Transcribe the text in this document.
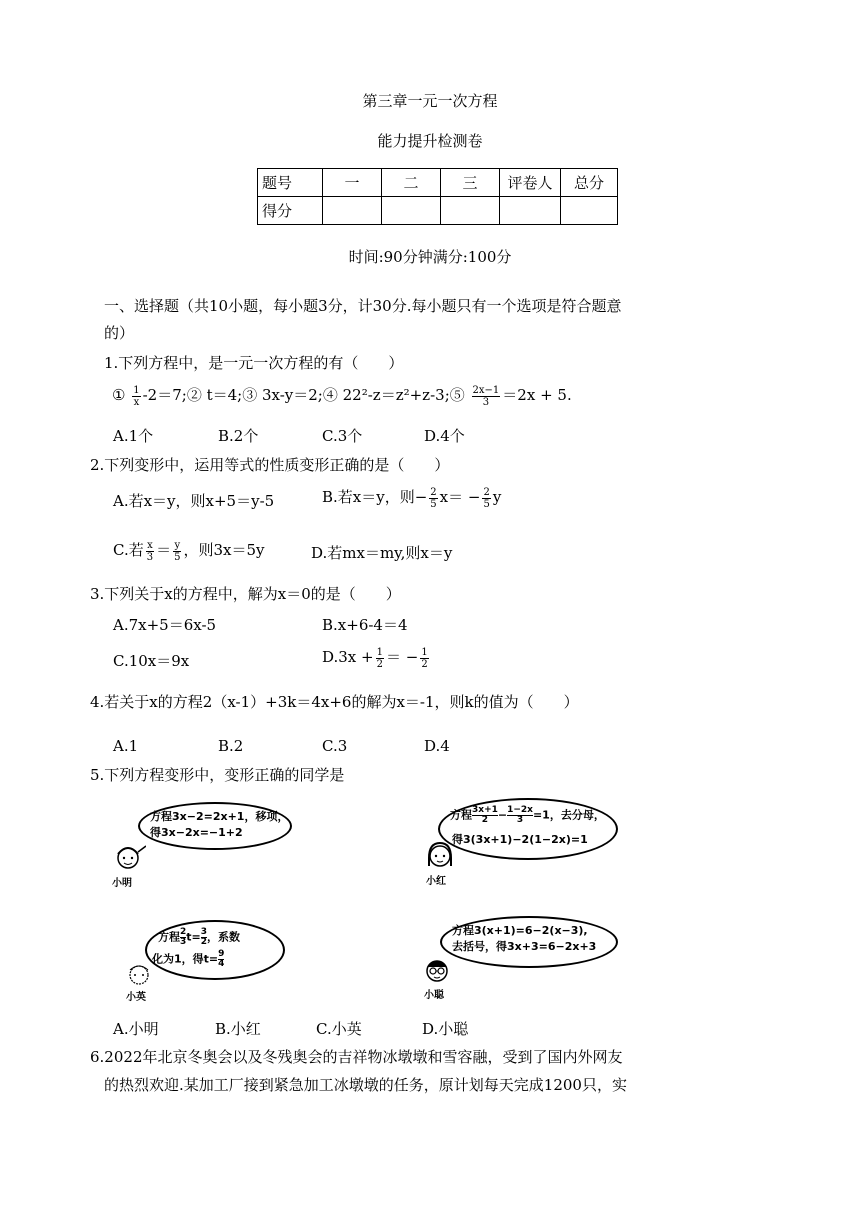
第三章一元一次方程
能力提升检测卷
题号	一	二	三	评卷人	总分
得分					
时间:90分钟满分:100分
一、选择题（共10小题，每小题3分，计30分.每小题只有一个选项是符合题意
的）
1.下列方程中，是一元一次方程的有（　　）
① $\frac{1}{x}$ -2＝7;② t＝4;③ 3x-y＝2;④ 22²-z＝z²+z-3;⑤ $\frac{2x-1}{3} =2x + 5$.
A.1个	B.2个	C.3个	D.4个
2.下列变形中，运用等式的性质变形正确的是（　　）
A.若x＝y，则x+5＝y-5	B.若x＝y，则− $\frac{2}{5} x= - \frac{2}{5}$ y
C.若 $\frac{x}{3} = \frac{y}{5}$ ，则3x＝5y	D.若mx＝my,则x＝y
3.下列关于x的方程中，解为x＝0的是（　　）
A.7x+5＝6x-5	B.x+6-4＝4
C.10x＝9x	$D.3x + \frac{1}{2}$ ＝ − $\frac{1}{2}$
4.若关于x的方程2（x-1）+3k＝4x+6的解为x＝-1，则k的值为（　　）
A.1	B.2	C.3	D.4
5.下列方程变形中，变形正确的同学是
方程3x−2=2x+1，移项，
得3x−2x=−1+2
小明
方程 $\frac{3x+1}{2}- \frac{1-2x}{3}=1$，去分母，
得3(3x+1)−2(1−2x)=1
小红
方程 $\frac{2}{3}t= \frac{3}{2}$，系数
化为1，得$t= \frac{9}{4}$
小英
方程3(x+1)=6−2(x−3),
去括号，得3x+3=6−2x+3
小聪
A.小明	B.小红	C.小英	D.小聪
6.2022年北京冬奥会以及冬残奥会的吉祥物冰墩墩和雪容融，受到了国内外网友
的热烈欢迎.某加工厂接到紧急加工冰墩墩的任务，原计划每天完成1200只，实
